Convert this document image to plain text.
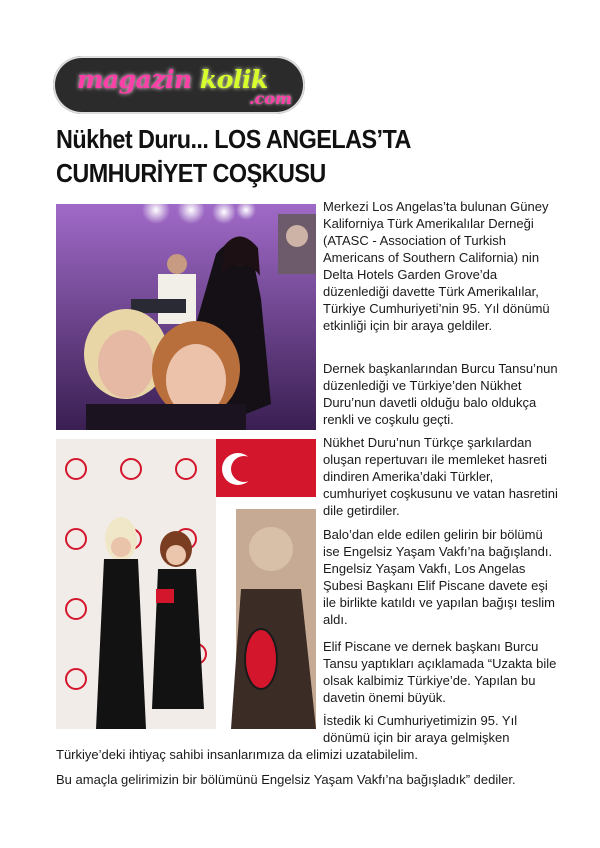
magazin kolik
.com
Nükhet Duru... LOS ANGELAS’TA
CUMHURİYET COŞKUSU

Merkezi Los Angelas’ta bulunan Güney Kaliforniya Türk Amerikalılar Derneği (ATASC - Association of Turkish Americans of Southern California) nin Delta Hotels Garden Grove’da düzenlediği davette Türk Amerikalılar, Türkiye Cumhuriyeti’nin 95. Yıl dönümü etkinliği için bir araya geldiler.

Dernek başkanlarından Burcu Tansu’nun düzenlediği ve Türkiye’den Nükhet Duru’nun davetli olduğu balo oldukça renkli ve coşkulu geçti.

Nükhet Duru’nun Türkçe şarkılardan oluşan repertuvarı ile memleket hasreti dindiren Amerika’daki Türkler, cumhuriyet coşkusunu ve vatan hasretini dile getirdiler.

Balo’dan elde edilen gelirin bir bölümü ise Engelsiz Yaşam Vakfı’na bağışlandı. Engelsiz Yaşam Vakfı, Los Angelas Şubesi Başkanı Elif Piscane davete eşi ile birlikte katıldı ve yapılan bağışı teslim aldı.

Elif Piscane ve dernek başkanı Burcu Tansu yaptıkları açıklamada “Uzakta bile olsak kalbimiz Türkiye’de. Yapılan bu davetin önemi büyük.

İstedik ki Cumhuriyetimizin 95. Yıl dönümü için bir araya gelmişken

Türkiye’deki ihtiyaç sahibi insanlarımıza da elimizi uzatabilelim.

Bu amaçla gelirimizin bir bölümünü Engelsiz Yaşam Vakfı’na bağışladık” dediler.
